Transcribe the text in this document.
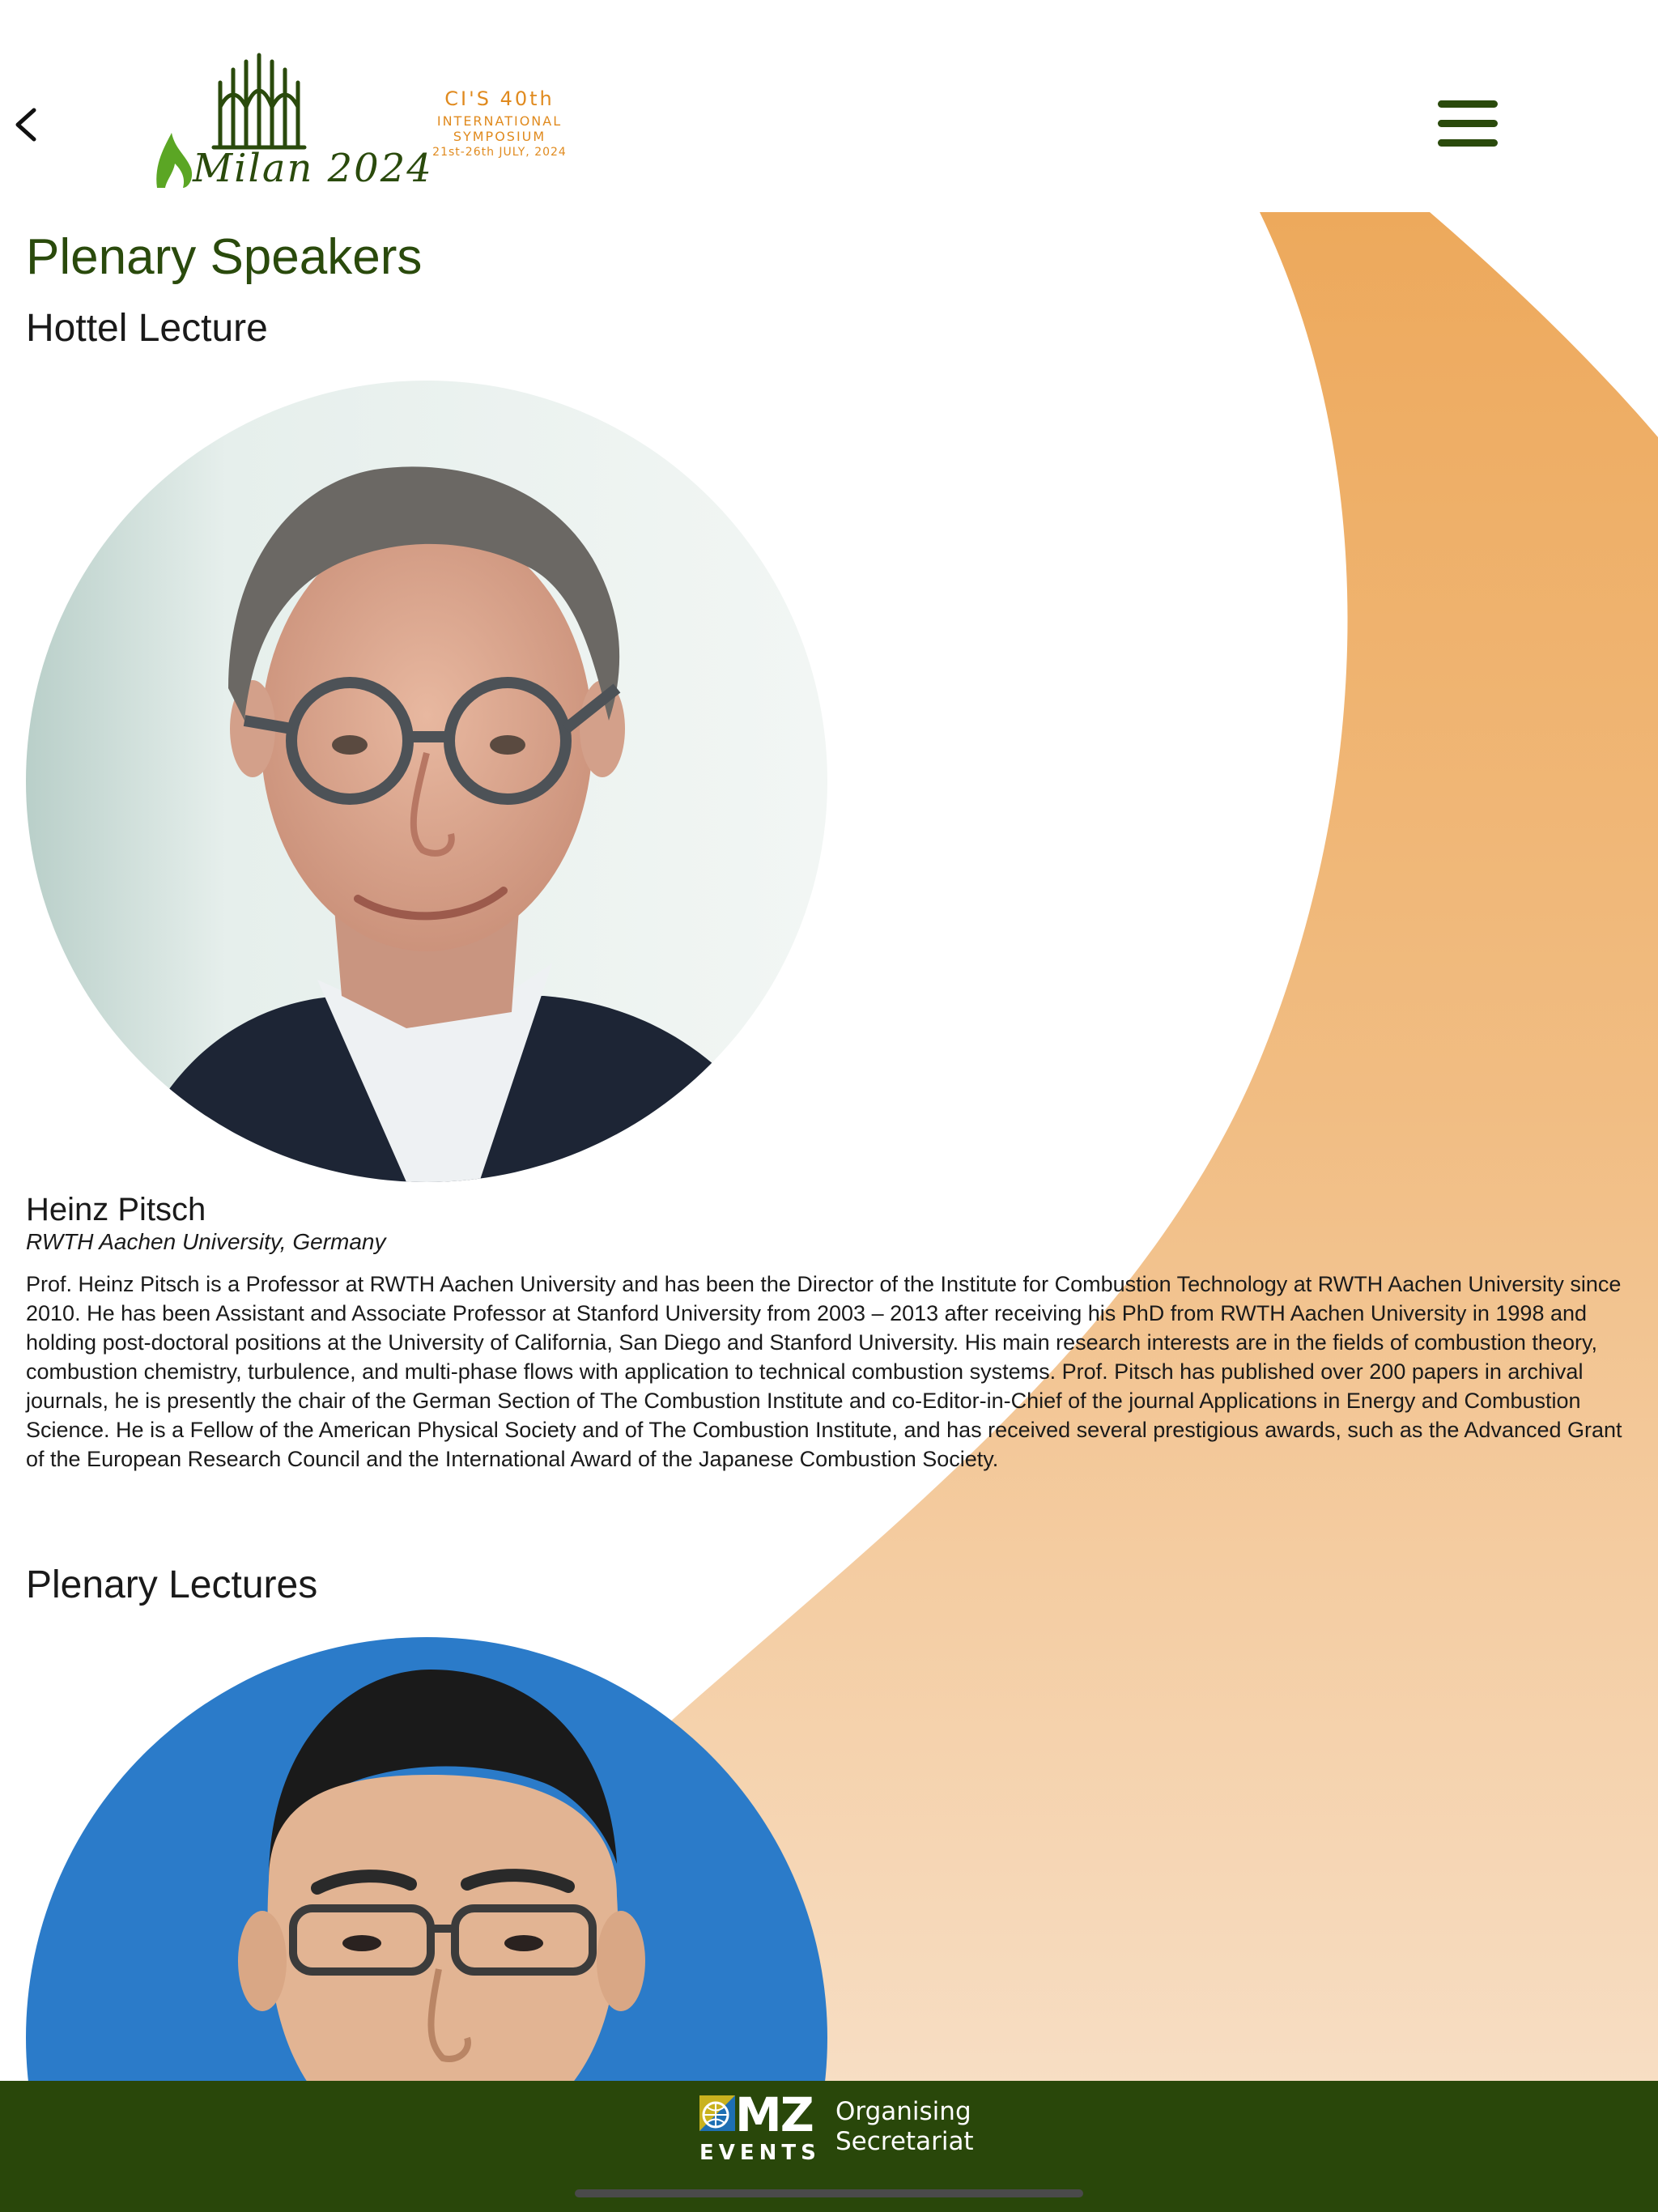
Milan 2024
CI'S 40th
INTERNATIONAL SYMPOSIUM
21st-26th JULY, 2024
Plenary Speakers
Hottel Lecture
Heinz Pitsch
RWTH Aachen University, Germany

Prof. Heinz Pitsch is a Professor at RWTH Aachen University and has been the Director of the Institute for Combustion Technology at RWTH Aachen University since 2010. He has been Assistant and Associate Professor at Stanford University from 2003 – 2013 after receiving his PhD from RWTH Aachen University in 1998 and holding post-doctoral positions at the University of California, San Diego and Stanford University. His main research interests are in the fields of combustion theory, combustion chemistry, turbulence, and multi-phase flows with application to technical combustion systems. Prof. Pitsch has published over 200 papers in archival journals, he is presently the chair of the German Section of The Combustion Institute and co-Editor-in-Chief of the journal Applications in Energy and Combustion Science. He is a Fellow of the American Physical Society and of The Combustion Institute, and has received several prestigious awards, such as the Advanced Grant of the European Research Council and the International Award of the Japanese Combustion Society.

Plenary Lectures
MZ
EVENTS
Organising
Secretariat
